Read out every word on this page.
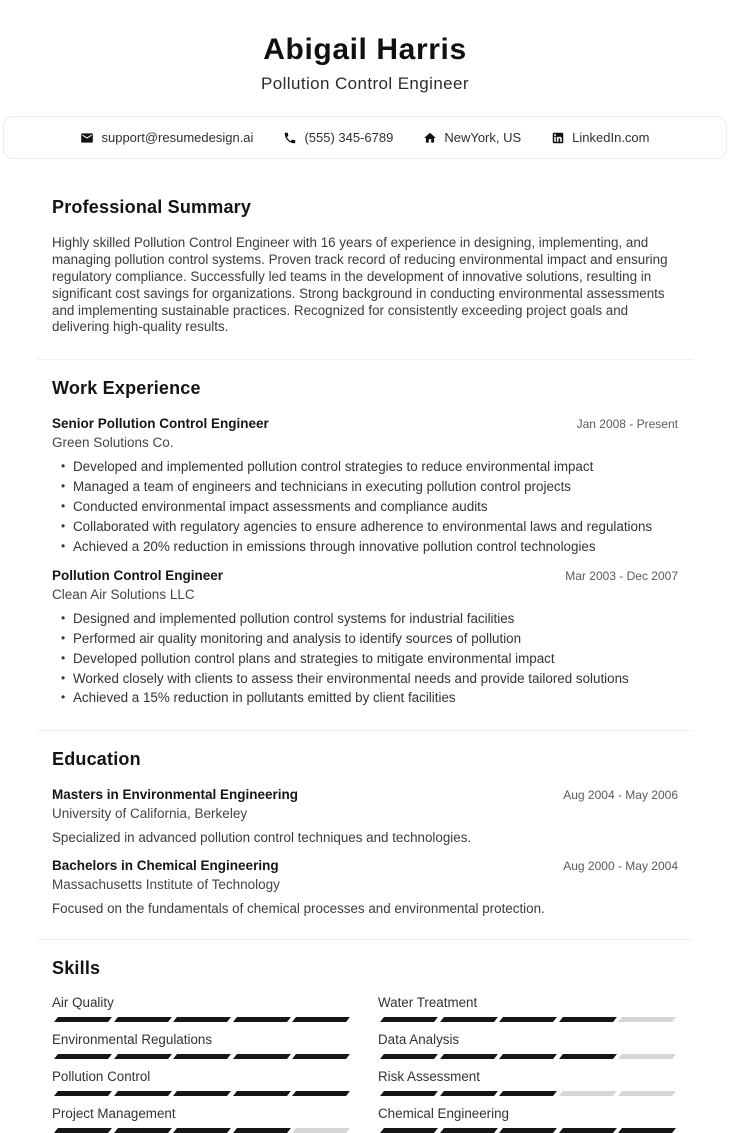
Abigail Harris
Pollution Control Engineer
support@resumedesign.ai	(555) 345-6789	NewYork, US	LinkedIn.com
Professional Summary

Highly skilled Pollution Control Engineer with 16 years of experience in designing, implementing, and managing pollution control systems. Proven track record of reducing environmental impact and ensuring regulatory compliance. Successfully led teams in the development of innovative solutions, resulting in significant cost savings for organizations. Strong background in conducting environmental assessments and implementing sustainable practices. Recognized for consistently exceeding project goals and delivering high-quality results.

Work Experience
Senior Pollution Control Engineer	Jan 2008 - Present
Green Solutions Co.
• Developed and implemented pollution control strategies to reduce environmental impact
• Managed a team of engineers and technicians in executing pollution control projects
• Conducted environmental impact assessments and compliance audits
• Collaborated with regulatory agencies to ensure adherence to environmental laws and regulations
• Achieved a 20% reduction in emissions through innovative pollution control technologies
Pollution Control Engineer	Mar 2003 - Dec 2007
Clean Air Solutions LLC
• Designed and implemented pollution control systems for industrial facilities
• Performed air quality monitoring and analysis to identify sources of pollution
• Developed pollution control plans and strategies to mitigate environmental impact
• Worked closely with clients to assess their environmental needs and provide tailored solutions
• Achieved a 15% reduction in pollutants emitted by client facilities
Education
Masters in Environmental Engineering	Aug 2004 - May 2006
University of California, Berkeley

Specialized in advanced pollution control techniques and technologies.

Bachelors in Chemical Engineering	Aug 2000 - May 2004
Massachusetts Institute of Technology

Focused on the fundamentals of chemical processes and environmental protection.

Skills
Air Quality	Water Treatment
Environmental Regulations	Data Analysis
Pollution Control	Risk Assessment
Project Management	Chemical Engineering
